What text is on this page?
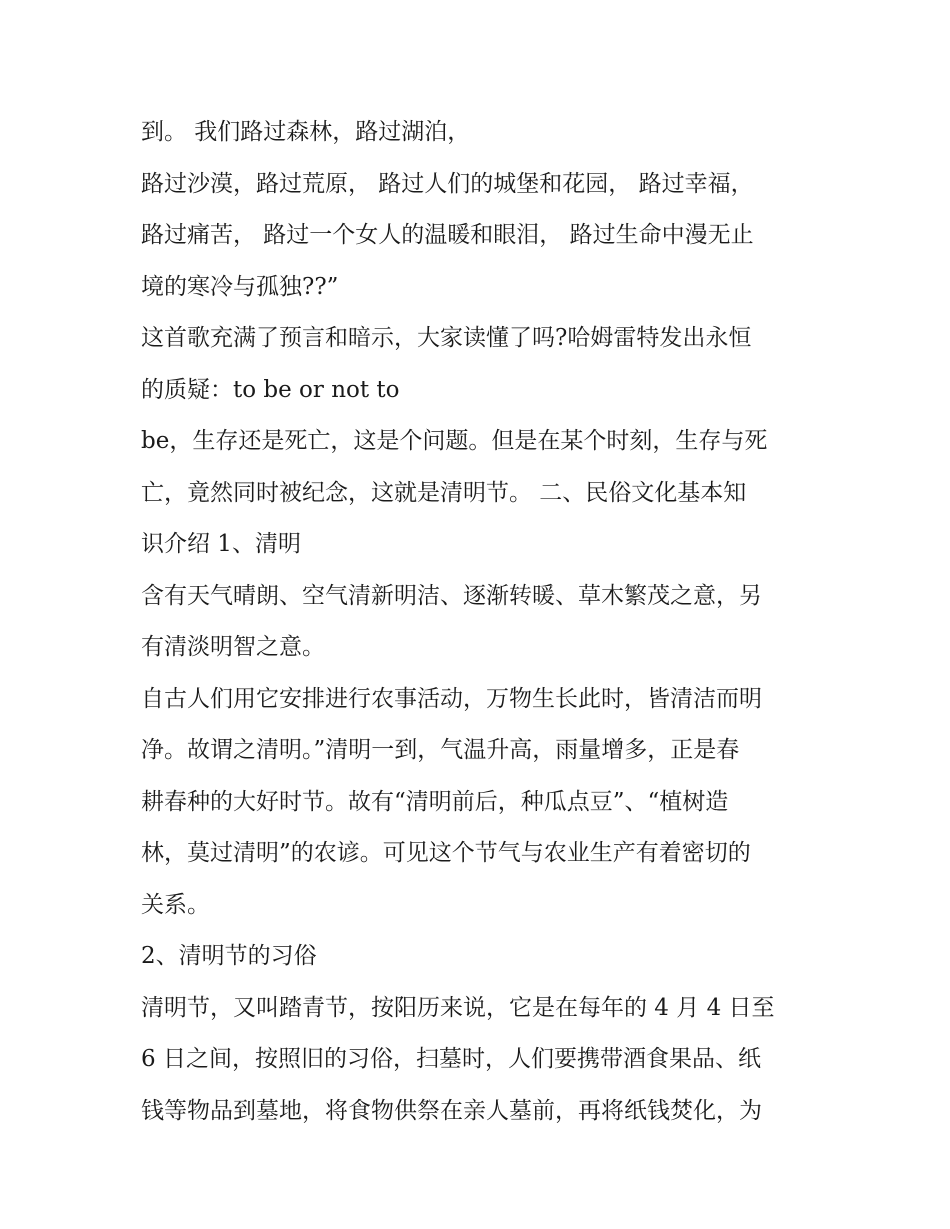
到。 我们路过森林，路过湖泊，
路过沙漠，路过荒原， 路过人们的城堡和花园， 路过幸福，
路过痛苦， 路过一个女人的温暖和眼泪， 路过生命中漫无止
境的寒冷与孤独??”
这首歌充满了预言和暗示，大家读懂了吗?哈姆雷特发出永恒
的质疑：to be or not to
be，生存还是死亡，这是个问题。但是在某个时刻，生存与死
亡，竟然同时被纪念，这就是清明节。 二、民俗文化基本知
识介绍 1、清明
含有天气晴朗、空气清新明洁、逐渐转暖、草木繁茂之意，另
有清淡明智之意。
自古人们用它安排进行农事活动，万物生长此时，皆清洁而明
净。故谓之清明。”清明一到，气温升高，雨量增多，正是春
耕春种的大好时节。故有“清明前后，种瓜点豆”、“植树造
林，莫过清明”的农谚。可见这个节气与农业生产有着密切的
关系。
2、清明节的习俗
清明节，又叫踏青节，按阳历来说，它是在每年的 4 月 4 日至
6 日之间，按照旧的习俗，扫墓时，人们要携带酒食果品、纸
钱等物品到墓地，将食物供祭在亲人墓前，再将纸钱焚化，为
